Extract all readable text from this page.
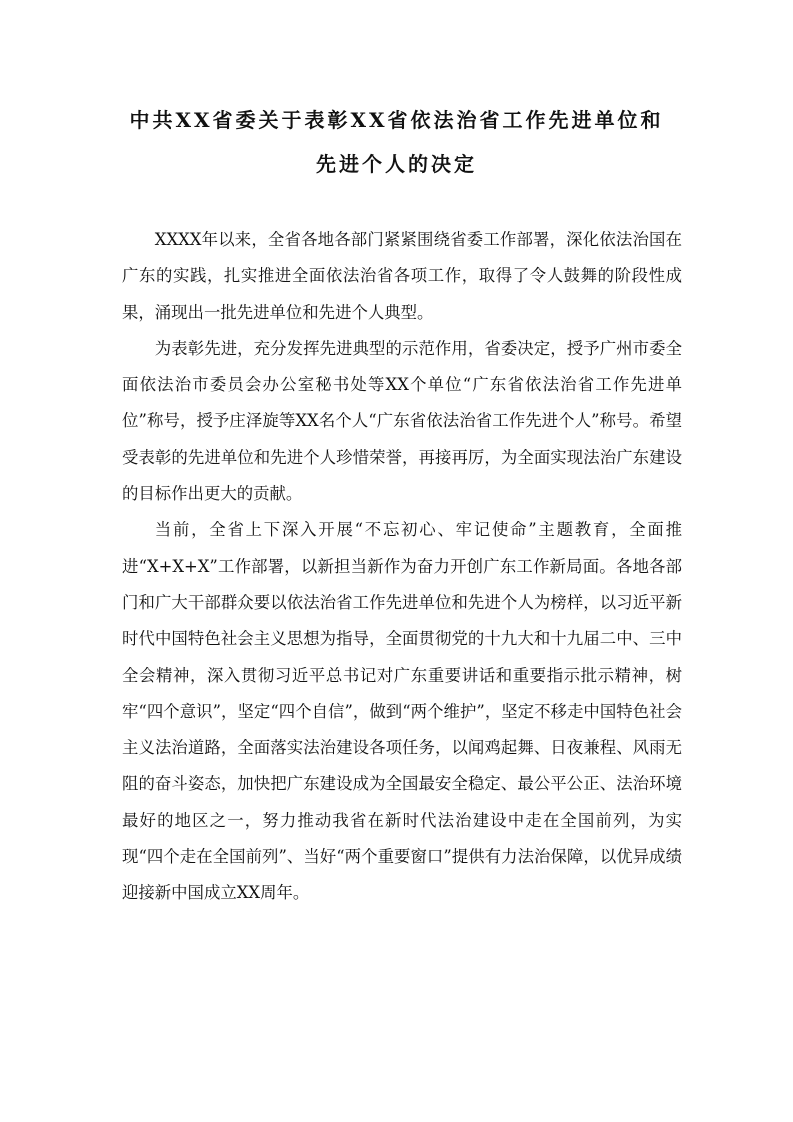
中共XX省委关于表彰XX省依法治省工作先进单位和
先进个人的决定

XXXX年以来，全省各地各部门紧紧围绕省委工作部署，深化依法治国在广东的实践，扎实推进全面依法治省各项工作，取得了令人鼓舞的阶段性成果，涌现出一批先进单位和先进个人典型。

为表彰先进，充分发挥先进典型的示范作用，省委决定，授予广州市委全面依法治市委员会办公室秘书处等XX个单位“广东省依法治省工作先进单位”称号，授予庄泽旋等XX名个人“广东省依法治省工作先进个人”称号。希望受表彰的先进单位和先进个人珍惜荣誉，再接再厉，为全面实现法治广东建设的目标作出更大的贡献。

当前，全省上下深入开展“不忘初心、牢记使命”主题教育，全面推进“X+X+X”工作部署，以新担当新作为奋力开创广东工作新局面。各地各部门和广大干部群众要以依法治省工作先进单位和先进个人为榜样，以习近平新时代中国特色社会主义思想为指导，全面贯彻党的十九大和十九届二中、三中全会精神，深入贯彻习近平总书记对广东重要讲话和重要指示批示精神，树牢“四个意识”，坚定“四个自信”，做到“两个维护”，坚定不移走中国特色社会主义法治道路，全面落实法治建设各项任务，以闻鸡起舞、日夜兼程、风雨无阻的奋斗姿态，加快把广东建设成为全国最安全稳定、最公平公正、法治环境最好的地区之一，努力推动我省在新时代法治建设中走在全国前列，为实现“四个走在全国前列”、当好“两个重要窗口”提供有力法治保障，以优异成绩迎接新中国成立XX周年。
